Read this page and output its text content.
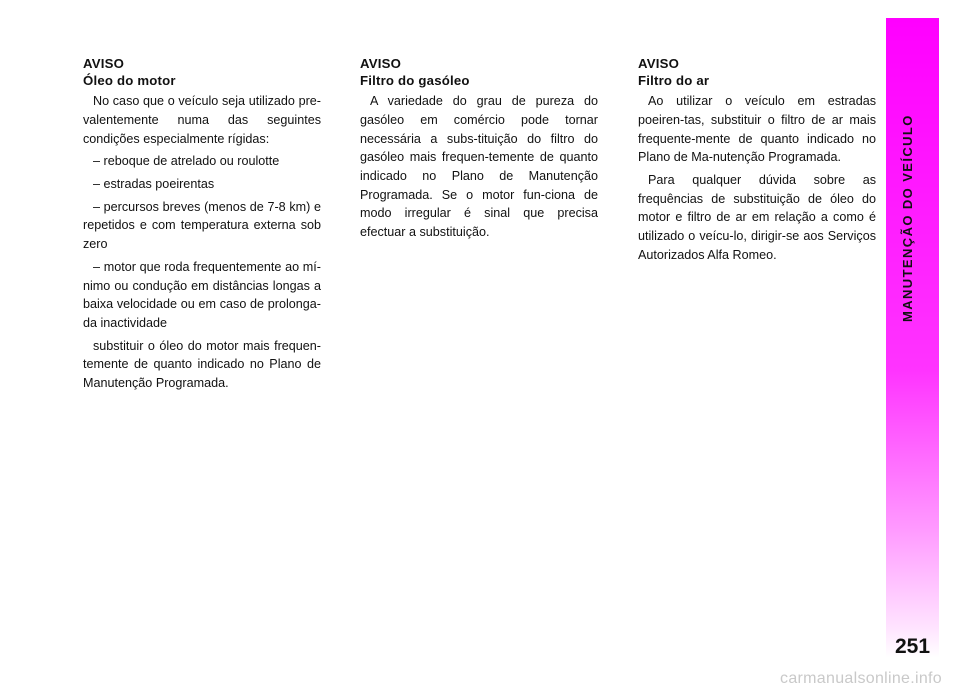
AVISO

Óleo do motor

No caso que o veículo seja utilizado pre-valentemente numa das seguintes condições especialmente rígidas:

– reboque de atrelado ou roulotte

– estradas poeirentas

– percursos breves (menos de 7-8 km) e repetidos e com temperatura externa sob zero

– motor que roda frequentemente ao mí-nimo ou condução em distâncias longas a baixa velocidade ou em caso de prolonga-da inactividade

substituir o óleo do motor mais frequen-temente de quanto indicado no Plano de Manutenção Programada.

AVISO

Filtro do gasóleo

A variedade do grau de pureza do gasóleo em comércio pode tornar necessária a subs-tituição do filtro do gasóleo mais frequen-temente de quanto indicado no Plano de Manutenção Programada. Se o motor fun-ciona de modo irregular é sinal que precisa efectuar a substituição.

AVISO

Filtro do ar

Ao utilizar o veículo em estradas poeiren-tas, substituir o filtro de ar mais frequente-mente de quanto indicado no Plano de Ma-nutenção Programada.

Para qualquer dúvida sobre as frequências de substituição de óleo do motor e filtro de ar em relação a como é utilizado o veícu-lo, dirigir-se aos Serviços Autorizados Alfa Romeo.	MANUTENÇÃO DO VEÍCULO
251
carmanualsonline.info
